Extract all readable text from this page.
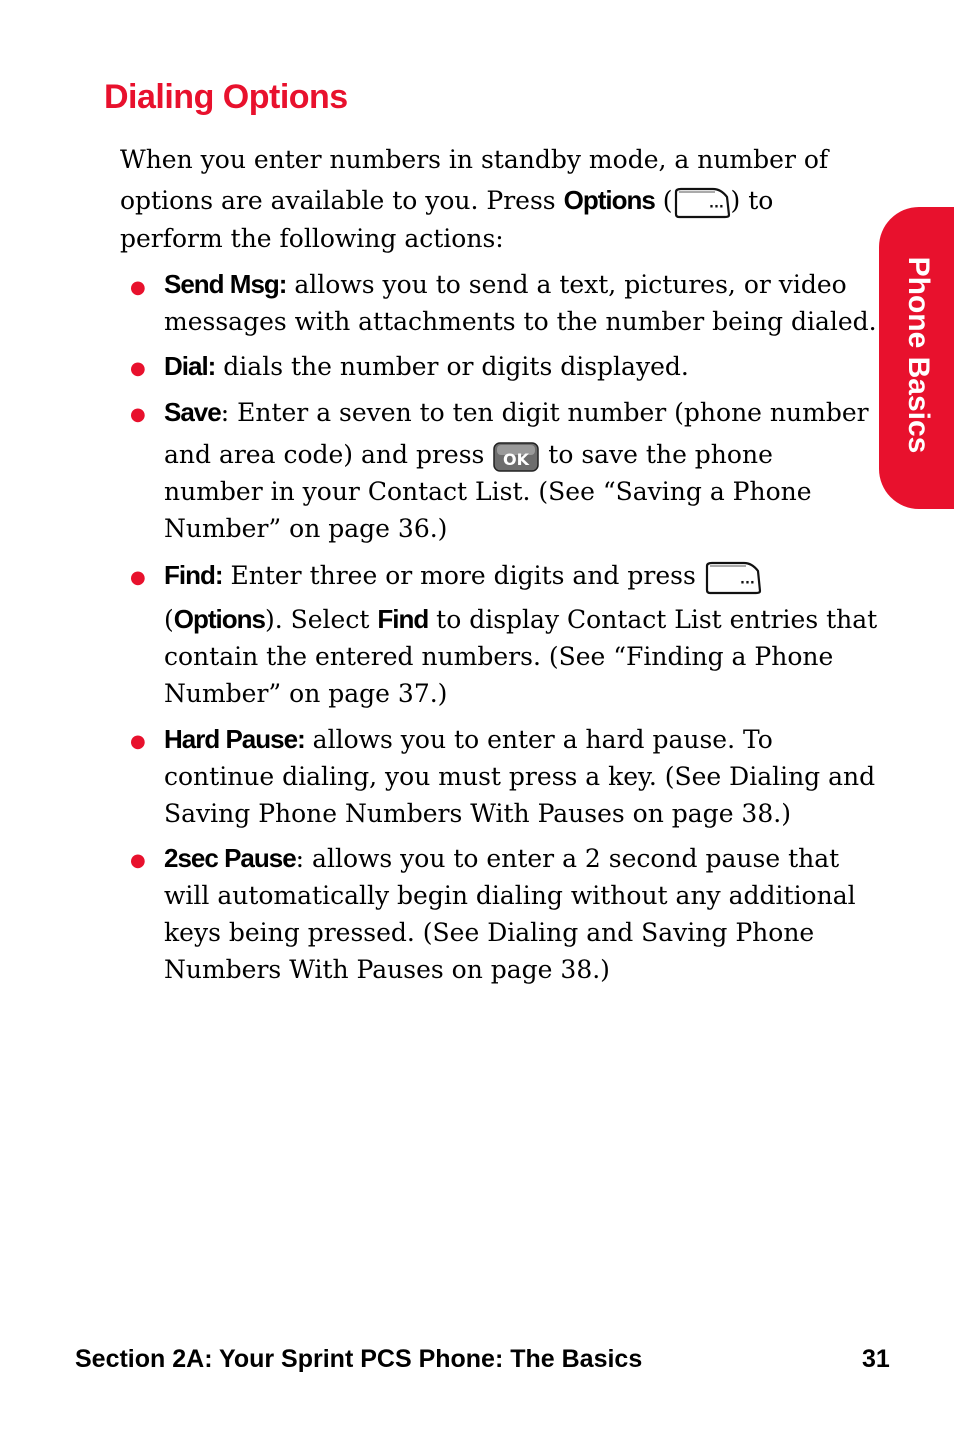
Dialing Options
When you enter numbers in standby mode, a number of
options are available to you. Press Options (	··· ) to
perform the following actions:
● Send Msg: allows you to send a text, pictures, or video
messages with attachments to the number being dialed.
● Dial: dials the number or digits displayed.
● Save: Enter a seven to ten digit number (phone number
and area code) and press OK to save the phone
number in your Contact List. (See “Saving a Phone
Number” on page 36.)
● Find: Enter three or more digits and press	···
(Options). Select Find to display Contact List entries that
contain the entered numbers. (See “Finding a Phone
Number” on page 37.)
● Hard Pause: allows you to enter a hard pause. To
continue dialing, you must press a key. (See Dialing and
Saving Phone Numbers With Pauses on page 38.)
● 2sec Pause: allows you to enter a 2 second pause that
will automatically begin dialing without any additional
keys being pressed. (See Dialing and Saving Phone
Numbers With Pauses on page 38.)
Phone Basics
Section 2A: Your Sprint PCS Phone: The Basics	31
